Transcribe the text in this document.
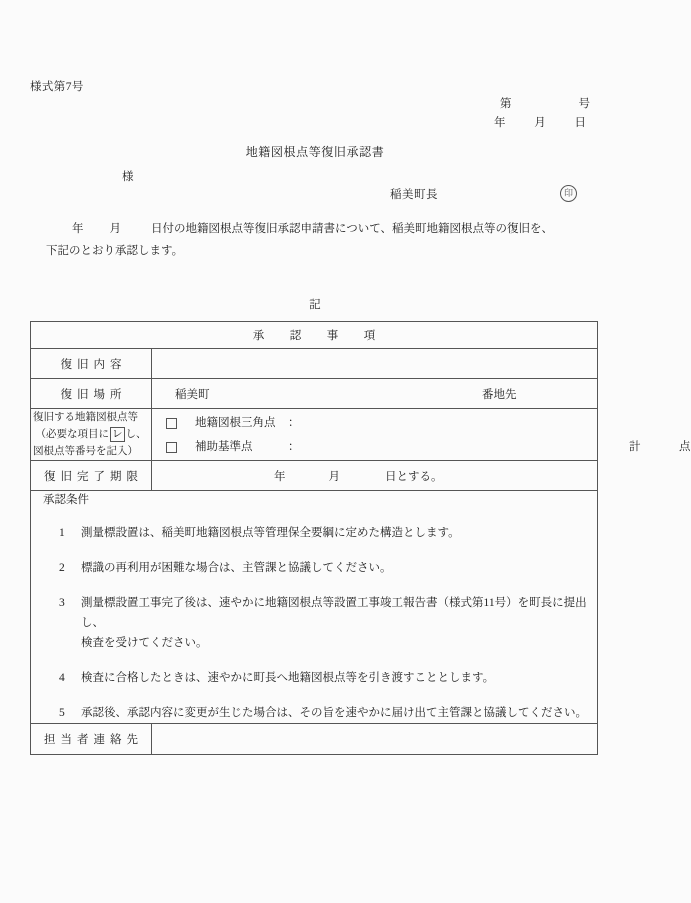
様式第7号
第	号
年	月	日
地籍図根点等復旧承認書
様
稲美町長	印
年 月	日付の地籍図根点等復旧承認申請書について、稲美町地籍図根点等の復旧を、
下記のとおり承認します。
記
承　認　事　項	
復旧内容	
復旧場所	稲美町 番地先

復旧する地籍図根点等
（必要な項目に レ し、
図根点等番号を記入）

地籍図根三角点 ：
補助基準点	：	計	点

復旧完了期限	年 月 日とする。

承認条件
1 測量標設置は、稲美町地籍図根点等管理保全要綱に定めた構造とします。
2 標識の再利用が困難な場合は、主管課と協議してください。
3 測量標設置工事完了後は、速やかに地籍図根点等設置工事竣工報告書（様式第11号）を町長に提出し、
検査を受けてください。
4 検査に合格したときは、速やかに町長へ地籍図根点等を引き渡すこととします。
5 承認後、承認内容に変更が生じた場合は、その旨を速やかに届け出て主管課と協議してください。

担当者連絡先	
